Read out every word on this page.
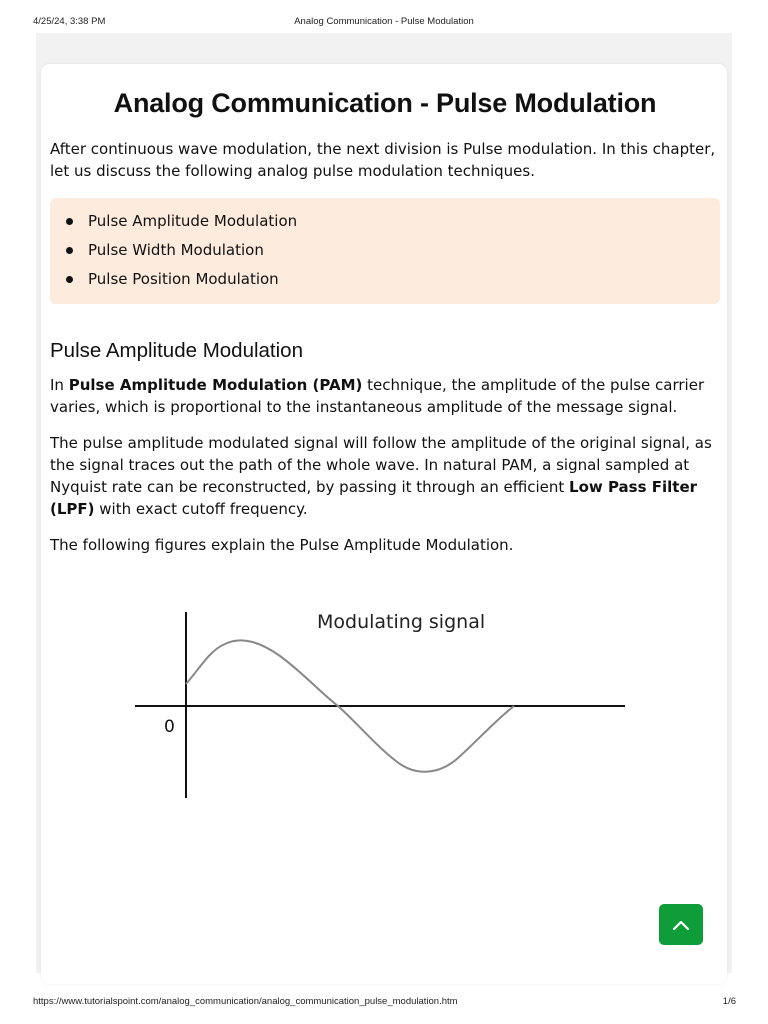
4/25/24, 3:38 PM	Analog Communication - Pulse Modulation
Analog Communication - Pulse Modulation

After continuous wave modulation, the next division is Pulse modulation. In this chapter, let us discuss the following analog pulse modulation techniques.

Pulse Amplitude Modulation
Pulse Width Modulation
Pulse Position Modulation
Pulse Amplitude Modulation

In Pulse Amplitude Modulation (PAM) technique, the amplitude of the pulse carrier varies, which is proportional to the instantaneous amplitude of the message signal.

The pulse amplitude modulated signal will follow the amplitude of the original signal, as the signal traces out the path of the whole wave. In natural PAM, a signal sampled at Nyquist rate can be reconstructed, by passing it through an efficient Low Pass Filter (LPF) with exact cutoff frequency.

The following figures explain the Pulse Amplitude Modulation.

Modulating signal
0
https://www.tutorialspoint.com/analog_communication/analog_communication_pulse_modulation.htm	1/6
